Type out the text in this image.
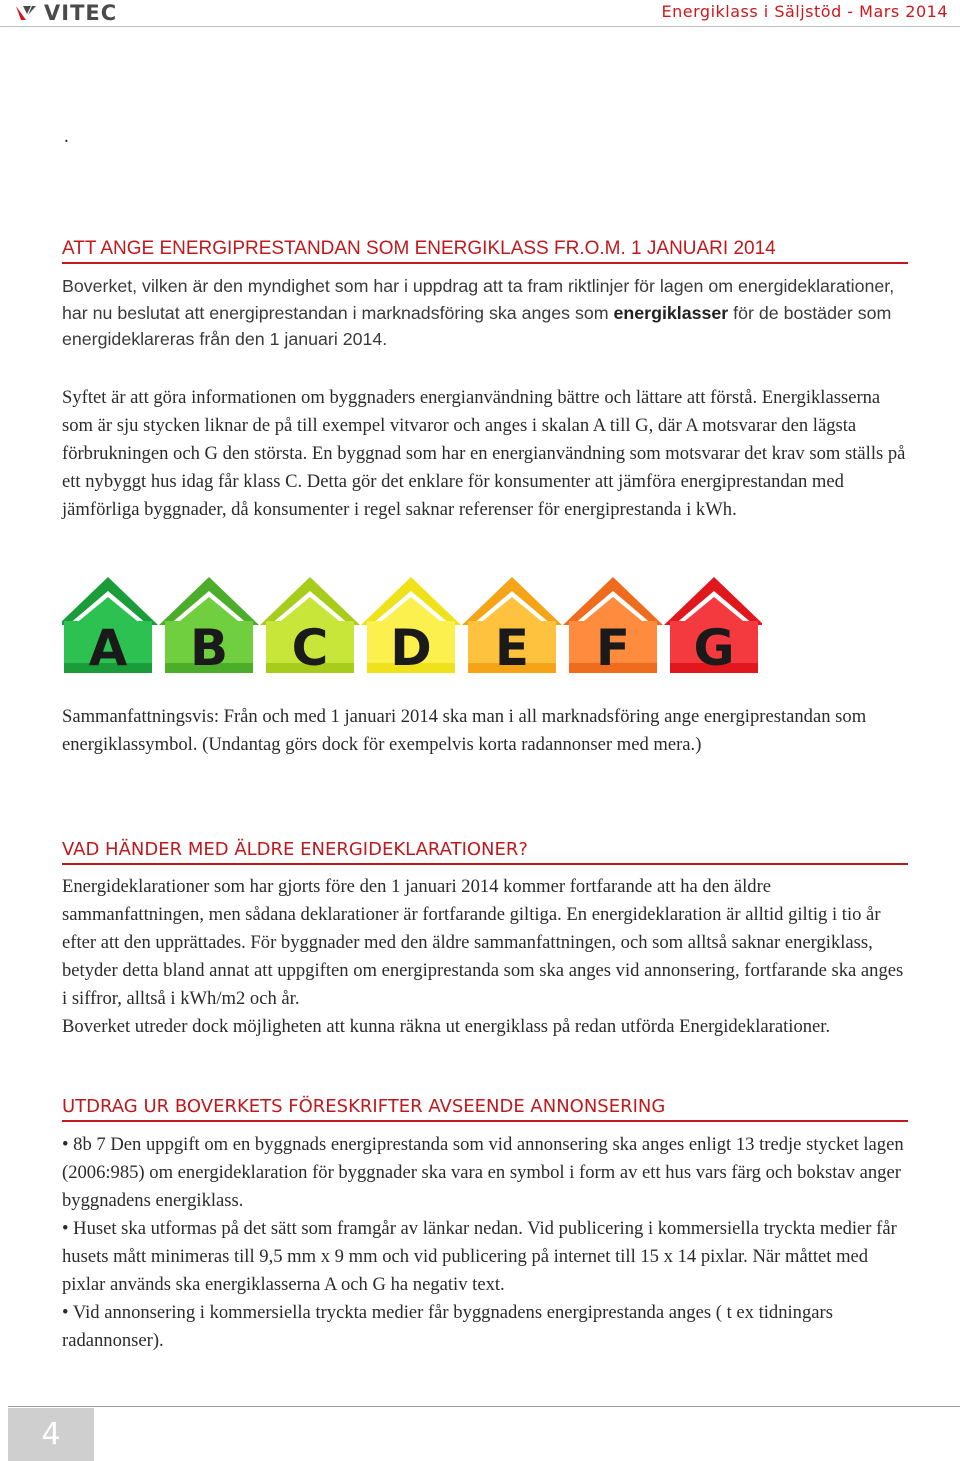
VITEC	Energiklass i Säljstöd - Mars 2014
.
ATT ANGE ENERGIPRESTANDAN SOM ENERGIKLASS FR.O.M. 1 JANUARI 2014

Boverket, vilken är den myndighet som har i uppdrag att ta fram riktlinjer för lagen om energideklarationer, har nu beslutat att energiprestandan i marknadsföring ska anges som energiklasser för de bostäder som energideklareras från den 1 januari 2014.

Syftet är att göra informationen om byggnaders energianvändning bättre och lättare att förstå. Energiklasserna som är sju stycken liknar de på till exempel vitvaror och anges i skalan A till G, där A motsvarar den lägsta förbrukningen och G den största. En byggnad som har en energianvändning som motsvarar det krav som ställs på ett nybyggt hus idag får klass C. Detta gör det enklare för konsumenter att jämföra energiprestandan med jämförliga byggnader, då konsumenter i regel saknar referenser för energiprestanda i kWh.

A B C D E F G

Sammanfattningsvis: Från och med 1 januari 2014 ska man i all marknadsföring ange energiprestandan som energiklassymbol. (Undantag görs dock för exempelvis korta radannonser med mera.)

VAD HÄNDER MED ÄLDRE ENERGIDEKLARATIONER?

Energideklarationer som har gjorts före den 1 januari 2014 kommer fortfarande att ha den äldre sammanfattningen, men sådana deklarationer är fortfarande giltiga. En energideklaration är alltid giltig i tio år efter att den upprättades. För byggnader med den äldre sammanfattningen, och som alltså saknar energiklass, betyder detta bland annat att uppgiften om energiprestanda som ska anges vid annonsering, fortfarande ska anges i siffror, alltså i kWh/m2 och år.

Boverket utreder dock möjligheten att kunna räkna ut energiklass på redan utförda Energideklarationer.

UTDRAG UR BOVERKETS FÖRESKRIFTER AVSEENDE ANNONSERING

• 8b 7 Den uppgift om en byggnads energiprestanda som vid annonsering ska anges enligt 13 tredje stycket lagen (2006:985) om energideklaration för byggnader ska vara en symbol i form av ett hus vars färg och bokstav anger byggnadens energiklass.

• Huset ska utformas på det sätt som framgår av länkar nedan. Vid publicering i kommersiella tryckta medier får husets mått minimeras till 9,5 mm x 9 mm och vid publicering på internet till 15 x 14 pixlar. När måttet med pixlar används ska energiklasserna A och G ha negativ text.

• Vid annonsering i kommersiella tryckta medier får byggnadens energiprestanda anges ( t ex tidningars radannonser).

4
